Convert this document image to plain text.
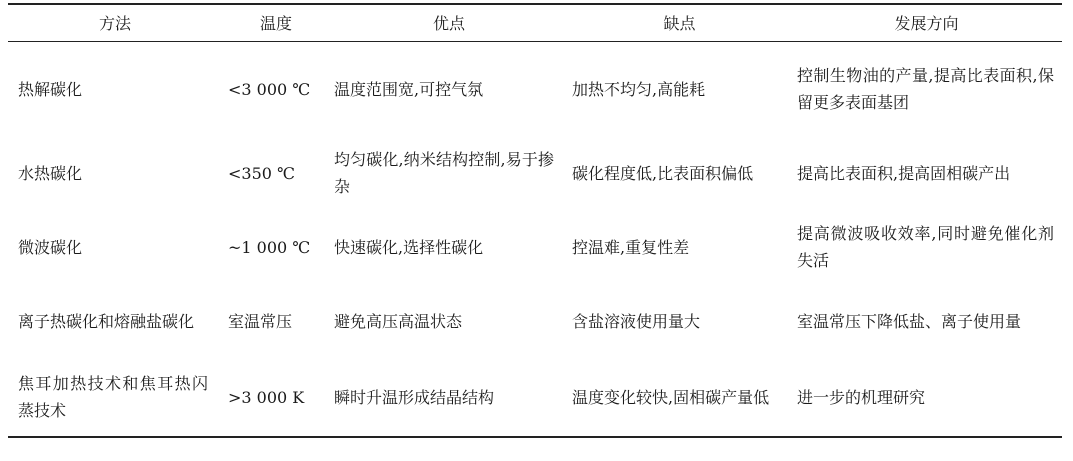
方法	温度	优点	缺点	发展方向

热解碳化	<3 000 ℃	温度范围宽,可控气氛	加热不均匀,高能耗	控制生物油的产量,提高比表面积,保留更多表面基团

水热碳化	<350 ℃	均匀碳化,纳米结构控制,易于掺杂	碳化程度低,比表面积偏低	提高比表面积,提高固相碳产出

微波碳化	~1 000 ℃	快速碳化,选择性碳化	控温难,重复性差	提高微波吸收效率,同时避免催化剂失活

离子热碳化和熔融盐碳化	室温常压	避免高压高温状态	含盐溶液使用量大	室温常压下降低盐、离子使用量

焦耳加热技术和焦耳热闪蒸技术	>3 000 K	瞬时升温形成结晶结构	温度变化较快,固相碳产量低	进一步的机理研究
